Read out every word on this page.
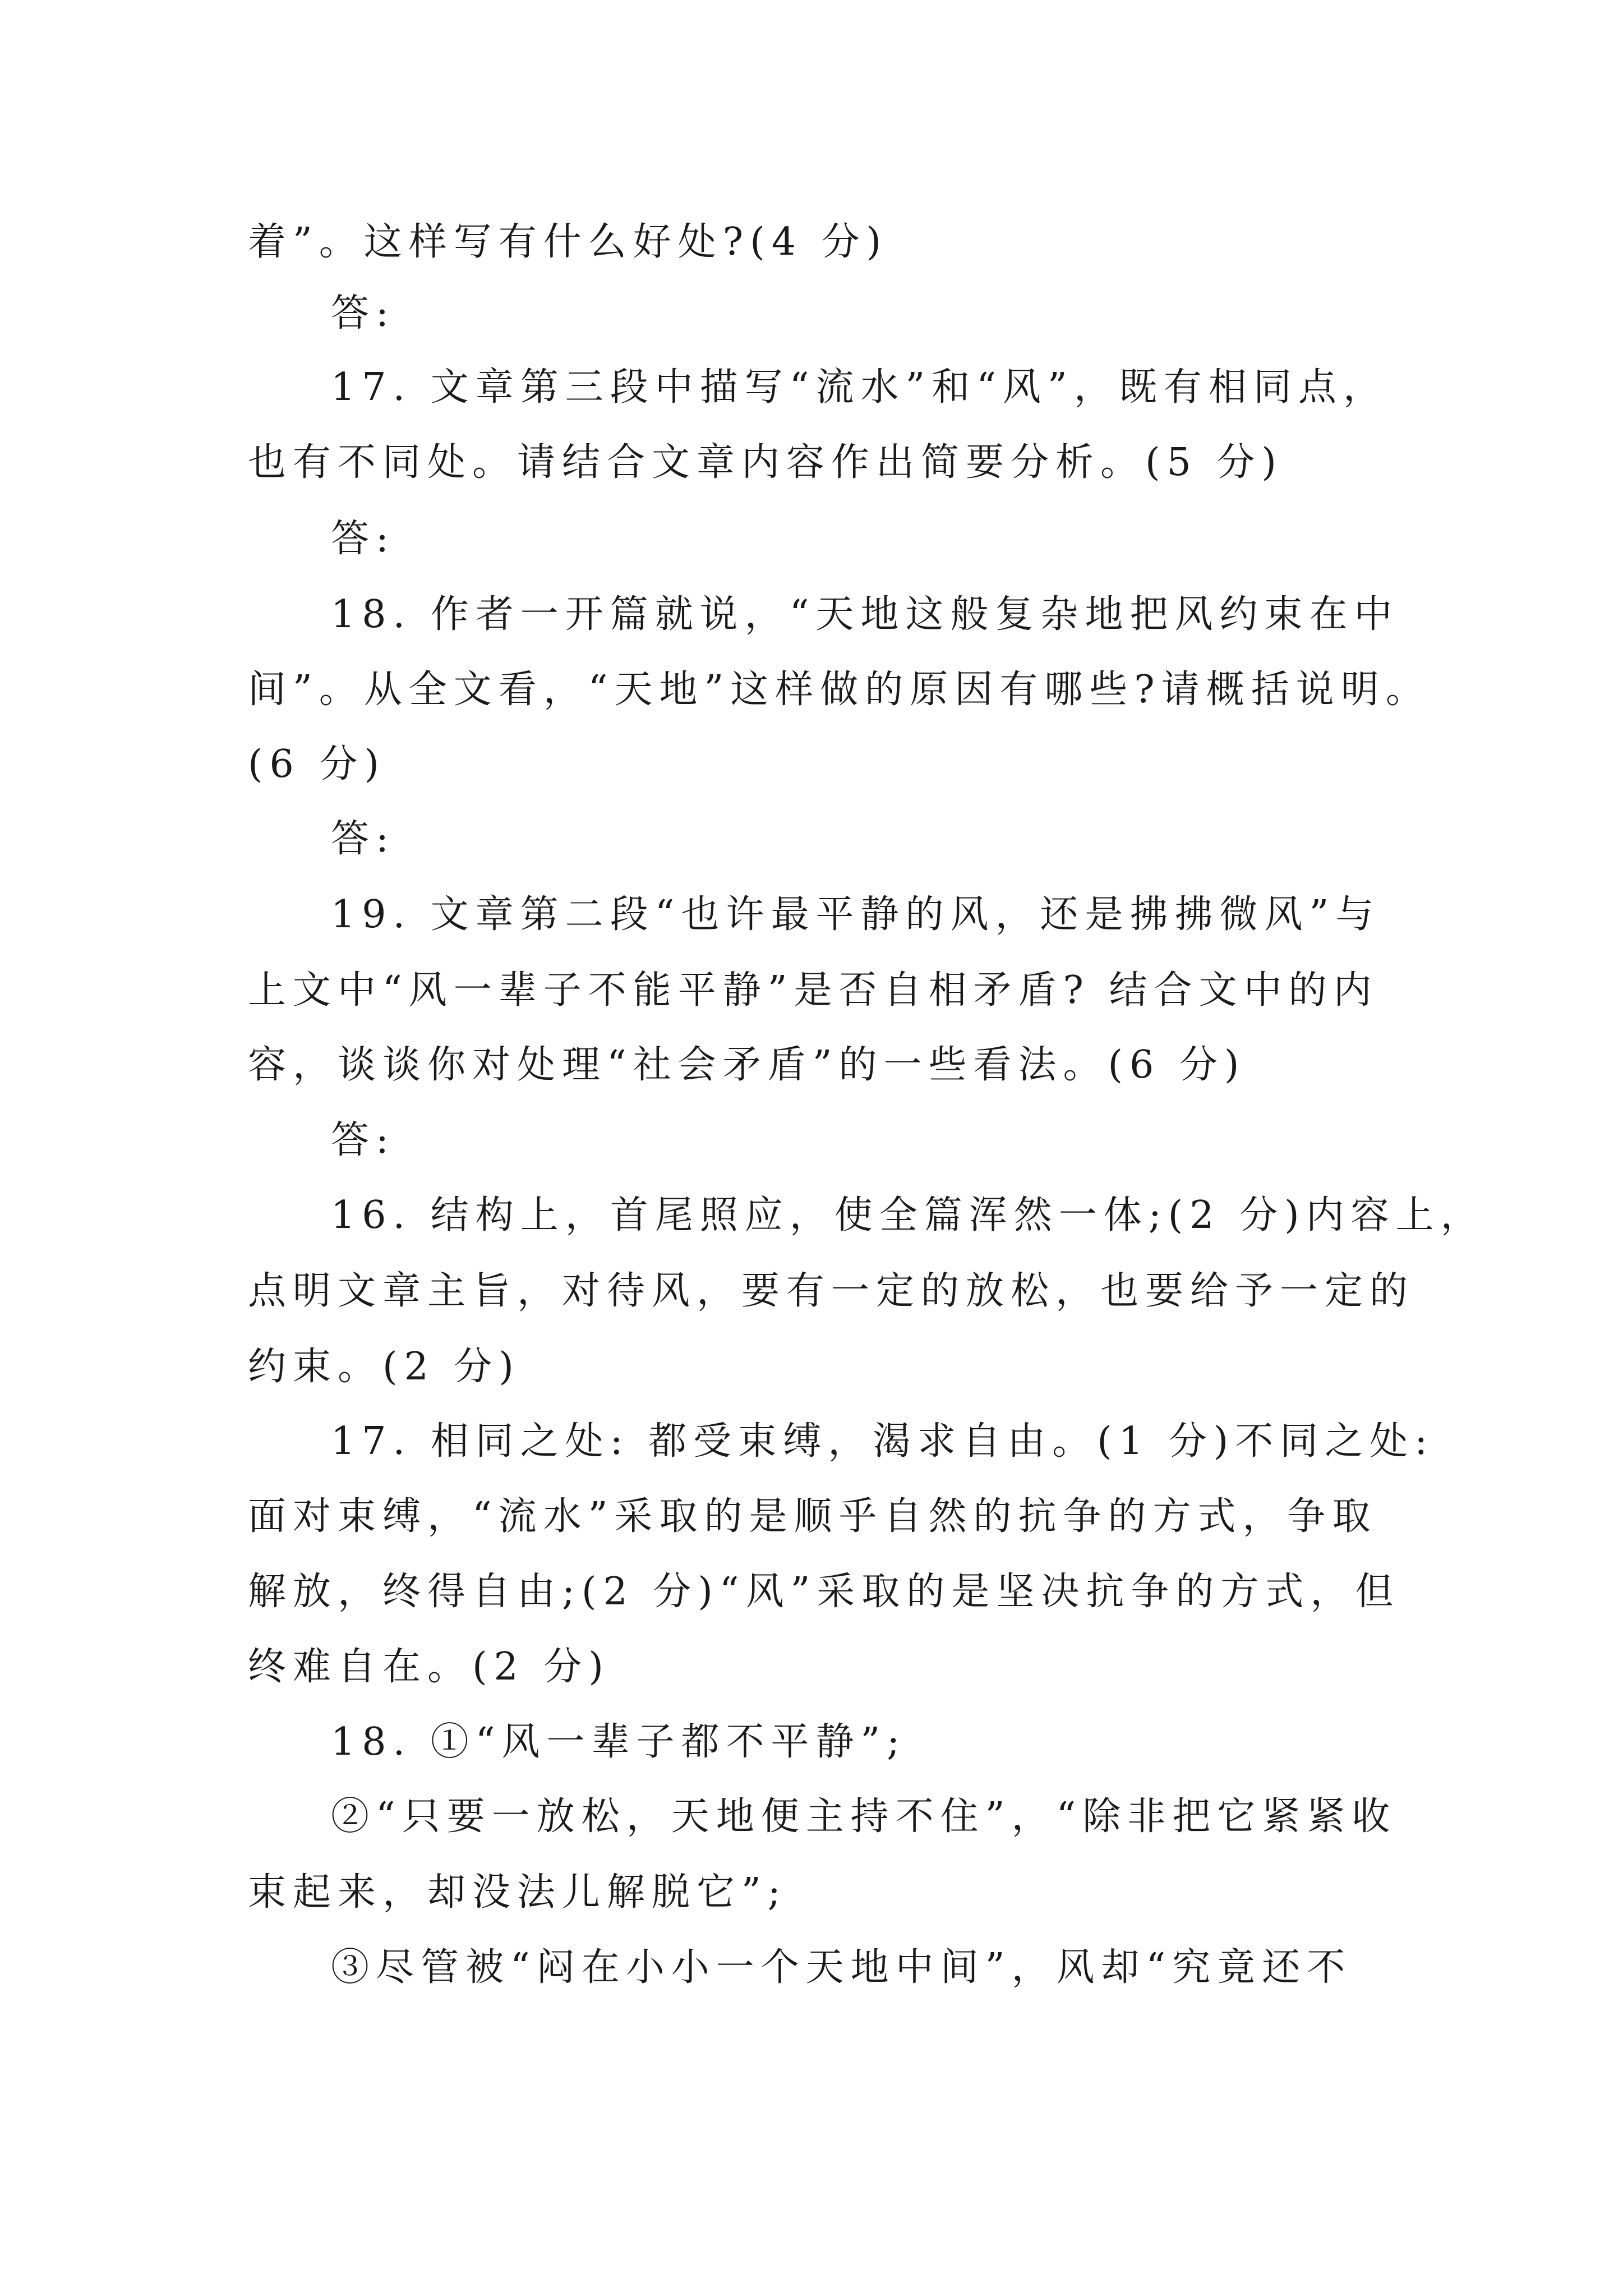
着”。这样写有什么好处?(4 分)
答:
17. 文章第三段中描写“流水”和“风”，既有相同点，
也有不同处。请结合文章内容作出简要分析。(5 分)
答:
18. 作者一开篇就说，“天地这般复杂地把风约束在中
间”。从全文看，“天地”这样做的原因有哪些?请概括说明。
(6 分)
答:
19. 文章第二段“也许最平静的风，还是拂拂微风”与
上文中“风一辈子不能平静”是否自相矛盾? 结合文中的内
容，谈谈你对处理“社会矛盾”的一些看法。(6 分)
答:
16. 结构上，首尾照应，使全篇浑然一体;(2 分)内容上，
点明文章主旨，对待风，要有一定的放松，也要给予一定的
约束。(2 分)
17. 相同之处: 都受束缚，渴求自由。(1 分)不同之处:
面对束缚，“流水”采取的是顺乎自然的抗争的方式，争取
解放，终得自由;(2 分)“风”采取的是坚决抗争的方式，但
终难自在。(2 分)
18. ①“风一辈子都不平静”;
②“只要一放松，天地便主持不住”，“除非把它紧紧收
束起来，却没法儿解脱它”;
③尽管被“闷在小小一个天地中间”，风却“究竟还不
